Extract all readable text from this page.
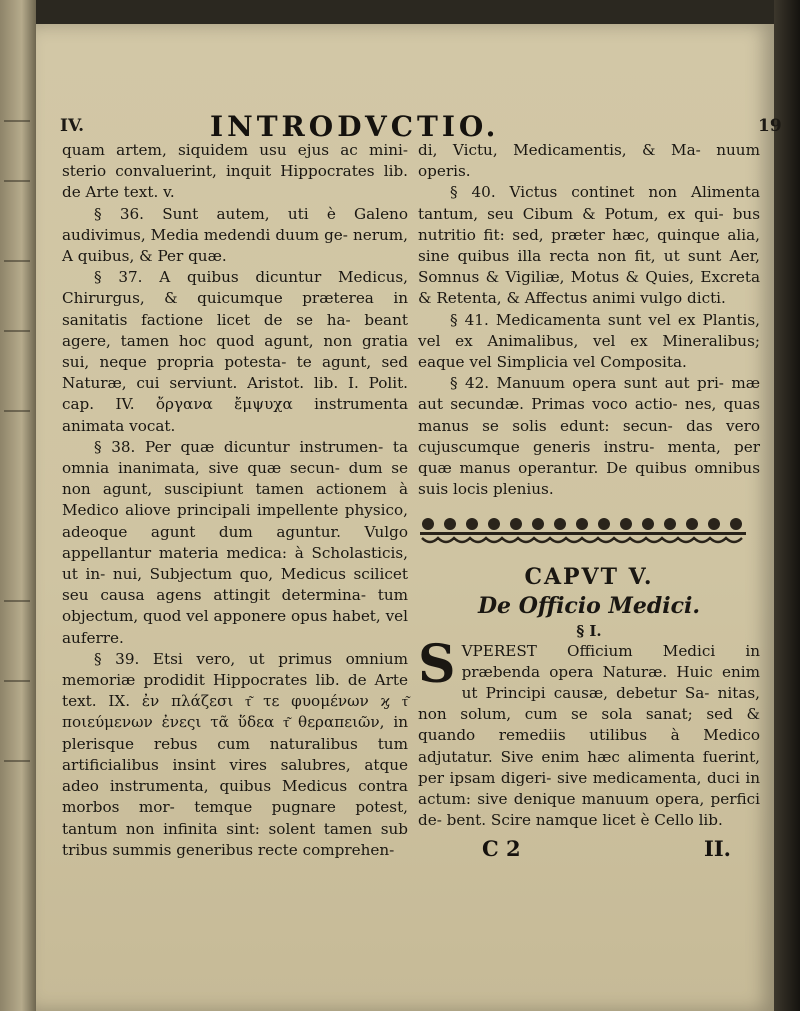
IV.	INTRODVCTIO.	19

quam artem, siquidem usu ejus ac mini- sterio convaluerint, inquit Hippocrates lib. de Arte text. v.

§ 36. Sunt autem, uti è Galeno audivimus, Media medendi duum ge- nerum, A quibus, & Per quæ.

§ 37. A quibus dicuntur Medicus, Chirurgus, & quicumque præterea in sanitatis factione licet de se ha- beant agere, tamen hoc quod agunt, non gratia sui, neque propria potesta- te agunt, sed Naturæ, cui serviunt. Aristot. lib. I. Polit. cap. IV. ὄργανα ἔμψυχα instrumenta animata vocat.

§ 38. Per quæ dicuntur instrumen- ta omnia inanimata, sive quæ secun- dum se non agunt, suscipiunt tamen actionem à Medico aliove principali impellente physico, adeoque agunt dum aguntur. Vulgo appellantur materia medica: à Scholasticis, ut in- nui, Subjectum quo, Medicus scilicet seu causa agens attingit determina- tum objectum, quod vel apponere opus habet, vel auferre.

§ 39. Etsi vero, ut primus omnium memoriæ prodidit Hippocrates lib. de Arte text. IX. ἐν πλάζεσι τ͂ τε φυομένων ϗ τ͂ ποιεύμενων ἐνεςι τᾶ ὕδεα τ͂ θεραπειῶν, in plerisque rebus cum naturalibus tum artificialibus insint vires salubres, atque adeo instrumenta, quibus Medicus contra morbos mor- temque pugnare potest, tantum non infinita sint: solent tamen sub tribus summis generibus recte comprehen-

di, Victu, Medicamentis, & Ma- nuum operis.

§ 40. Victus continet non Alimenta tantum, seu Cibum & Potum, ex qui- bus nutritio fit: sed, præter hæc, quinque alia, sine quibus illa recta non fit, ut sunt Aer, Somnus & Vigiliæ, Motus & Quies, Excreta & Retenta, & Affectus animi vulgo dicti.

§ 41. Medicamenta sunt vel ex Plantis, vel ex Animalibus, vel ex Mineralibus; eaque vel Simplicia vel Composita.

§ 42. Manuum opera sunt aut pri- mæ aut secundæ. Primas voco actio- nes, quas manus se solis edunt: secun- das vero cujuscumque generis instru- menta, per quæ manus operantur. De quibus omnibus suis locis plenius.

CAPVT V.

De Officio Medici.

§ I.

SVPERESТ Officium Medici in præbenda opera Naturæ. Huic enim ut Principi causæ, debetur Sa- nitas, non solum, cum se sola sanat; sed & quando remediis utilibus à Medico adjutatur. Sive enim hæc alimenta fuerint, per ipsam digeri- sive medicamenta, duci in actum: sive denique manuum opera, perfici de- bent. Scire namque licet è Cello lib.

C 2	II.
